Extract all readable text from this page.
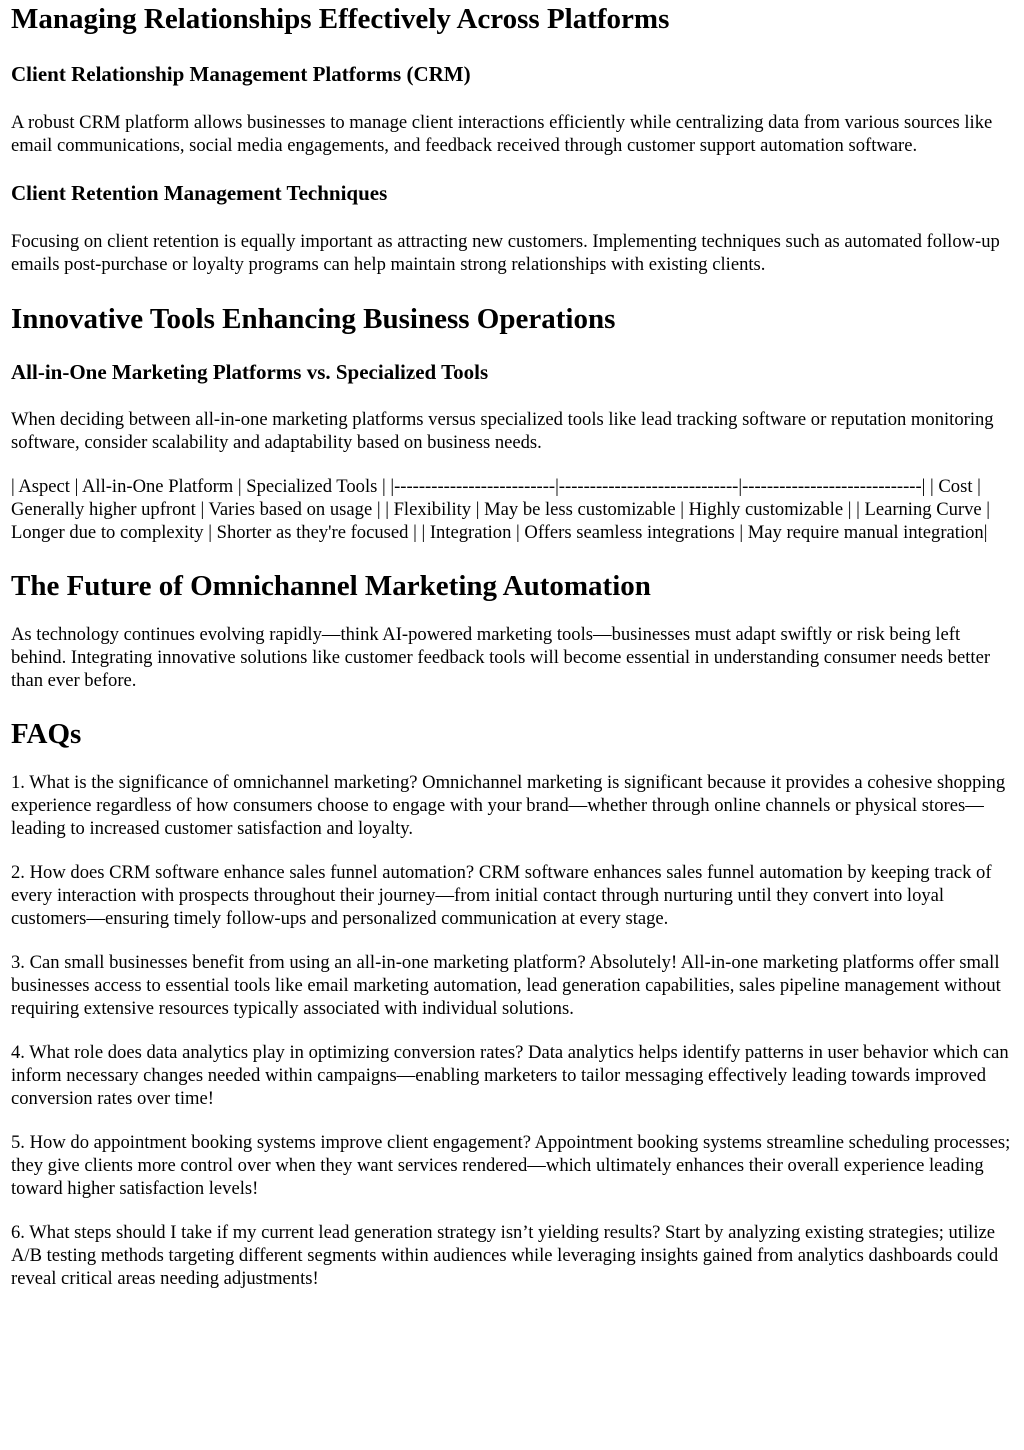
Managing Relationships Effectively Across Platforms
Client Relationship Management Platforms (CRM)

A robust CRM platform allows businesses to manage client interactions efficiently while centralizing data from various sources like email communications, social media engagements, and feedback received through customer support automation software.

Client Retention Management Techniques

Focusing on client retention is equally important as attracting new customers. Implementing techniques such as automated follow-up emails post-purchase or loyalty programs can help maintain strong relationships with existing clients.

Innovative Tools Enhancing Business Operations
All-in-One Marketing Platforms vs. Specialized Tools

When deciding between all-in-one marketing platforms versus specialized tools like lead tracking software or reputation monitoring software, consider scalability and adaptability based on business needs.

| Aspect | All-in-One Platform | Specialized Tools | |--------------------------|-----------------------------|-----------------------------| | Cost | Generally higher upfront | Varies based on usage | | Flexibility | May be less customizable | Highly customizable | | Learning Curve | Longer due to complexity | Shorter as they're focused | | Integration | Offers seamless integrations | May require manual integration|

The Future of Omnichannel Marketing Automation

As technology continues evolving rapidly—think AI-powered marketing tools—businesses must adapt swiftly or risk being left behind. Integrating innovative solutions like customer feedback tools will become essential in understanding consumer needs better than ever before.

FAQs

1. What is the significance of omnichannel marketing? Omnichannel marketing is significant because it provides a cohesive shopping experience regardless of how consumers choose to engage with your brand—whether through online channels or physical stores—leading to increased customer satisfaction and loyalty.

2. How does CRM software enhance sales funnel automation? CRM software enhances sales funnel automation by keeping track of every interaction with prospects throughout their journey—from initial contact through nurturing until they convert into loyal customers—ensuring timely follow-ups and personalized communication at every stage.

3. Can small businesses benefit from using an all-in-one marketing platform? Absolutely! All-in-one marketing platforms offer small businesses access to essential tools like email marketing automation, lead generation capabilities, sales pipeline management without requiring extensive resources typically associated with individual solutions.

4. What role does data analytics play in optimizing conversion rates? Data analytics helps identify patterns in user behavior which can inform necessary changes needed within campaigns—enabling marketers to tailor messaging effectively leading towards improved conversion rates over time!

5. How do appointment booking systems improve client engagement? Appointment booking systems streamline scheduling processes; they give clients more control over when they want services rendered—which ultimately enhances their overall experience leading toward higher satisfaction levels!

6. What steps should I take if my current lead generation strategy isn’t yielding results? Start by analyzing existing strategies; utilize A/B testing methods targeting different segments within audiences while leveraging insights gained from analytics dashboards could reveal critical areas needing adjustments!
